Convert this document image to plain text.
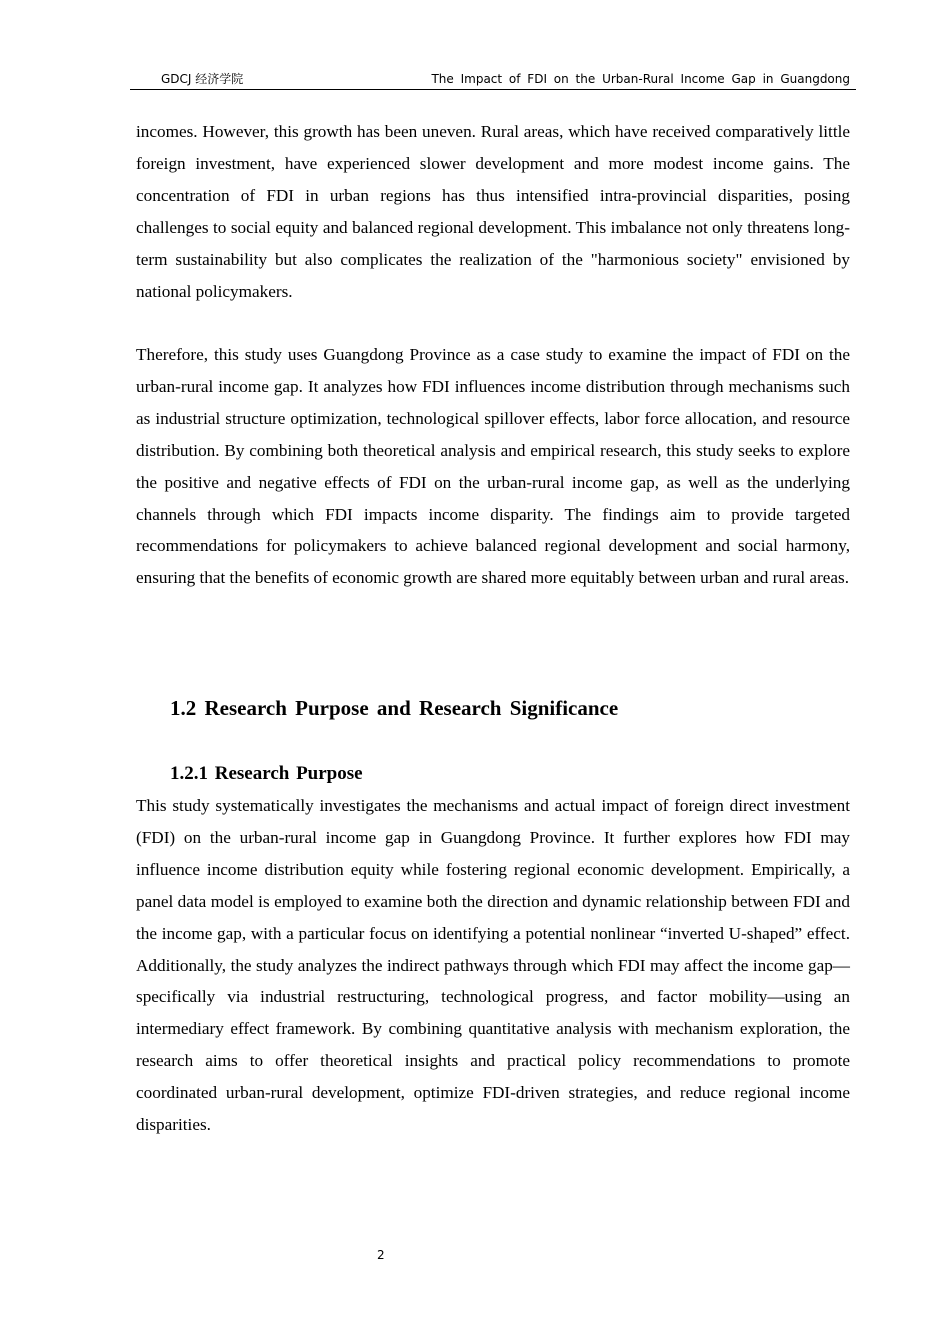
GDCJ 经济学院	The Impact of FDI on the Urban-Rural Income Gap in Guangdong

incomes. However, this growth has been uneven. Rural areas, which have received comparatively little foreign investment, have experienced slower development and more modest income gains. The concentration of FDI in urban regions has thus intensified intra-provincial disparities, posing challenges to social equity and balanced regional development. This imbalance not only threatens long-term sustainability but also complicates the realization of the "harmonious society" envisioned by national policymakers.

Therefore, this study uses Guangdong Province as a case study to examine the impact of FDI on the urban-rural income gap. It analyzes how FDI influences income distribution through mechanisms such as industrial structure optimization, technological spillover effects, labor force allocation, and resource distribution. By combining both theoretical analysis and empirical research, this study seeks to explore the positive and negative effects of FDI on the urban-rural income gap, as well as the underlying channels through which FDI impacts income disparity. The findings aim to provide targeted recommendations for policymakers to achieve balanced regional development and social harmony, ensuring that the benefits of economic growth are shared more equitably between urban and rural areas.

1.2 Research Purpose and Research Significance
1.2.1 Research Purpose

This study systematically investigates the mechanisms and actual impact of foreign direct investment (FDI) on the urban-rural income gap in Guangdong Province. It further explores how FDI may influence income distribution equity while fostering regional economic development. Empirically, a panel data model is employed to examine both the direction and dynamic relationship between FDI and the income gap, with a particular focus on identifying a potential nonlinear “inverted U-shaped” effect. Additionally, the study analyzes the indirect pathways through which FDI may affect the income gap—specifically via industrial restructuring, technological progress, and factor mobility—using an intermediary effect framework. By combining quantitative analysis with mechanism exploration, the research aims to offer theoretical insights and practical policy recommendations to promote coordinated urban-rural development, optimize FDI-driven strategies, and reduce regional income disparities.

2
